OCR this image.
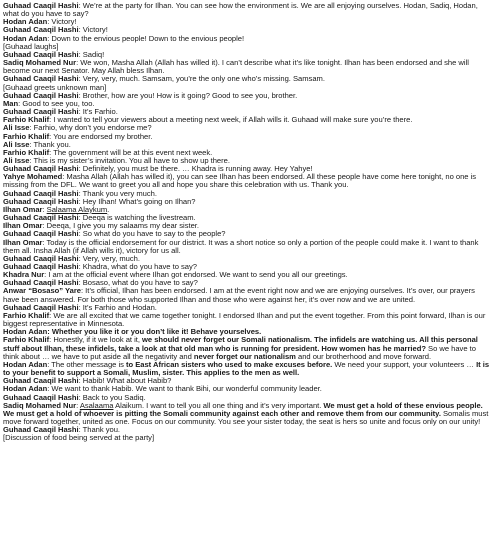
Guhaad Caaqil Hashi: We’re at the party for Ilhan. You can see how the environment is. We are all enjoying ourselves. Hodan, Sadiq, Hodan, what do you have to say?

Hodan Adan: Victory!

Guhaad Caaqil Hashi: Victory!

Hodan Adan: Down to the envious people! Down to the envious people!

[Guhaad laughs]

Guhaad Caaqil Hashi: Sadiq!

Sadiq Mohamed Nur: We won, Masha Allah (Allah has willed it). I can’t describe what it’s like tonight. Ilhan has been endorsed and she will become our next Senator. May Allah bless Ilhan.

Guhaad Caaqil Hashi: Very, very, much. Samsam, you’re the only one who’s missing. Samsam.

[Guhaad greets unknown man]

Guhaad Caaqil Hashi: Brother, how are you! How is it going? Good to see you, brother.

Man: Good to see you, too.

Guhaad Caaqil Hashi: It’s Farhio.

Farhio Khalif: I wanted to tell your viewers about a meeting next week, if Allah wills it. Guhaad will make sure you’re there.

Ali Isse: Farhio, why don’t you endorse me?

Farhio Khalif: You are endorsed my brother.

Ali Isse: Thank you.

Farhio Khalif: The government will be at this event next week.

Ali Isse: This is my sister’s invitation. You all have to show up there.

Guhaad Caaqil Hashi: Definitely, you must be there. … Khadra is running away. Hey Yahye!

Yahye Mohamed: Masha Allah (Allah has willed it), you can see Ilhan has been endorsed. All these people have come here tonight, no one is missing from the DFL. We want to greet you all and hope you share this celebration with us. Thank you.

Guhaad Caaqil Hashi: Thank you very much.

Guhaad Caaqil Hashi: Hey Ilhan! What’s going on Ilhan?

Ilhan Omar: Salaama Alaykum.

Guhaad Caaqil Hashi: Deeqa is watching the livestream.

Ilhan Omar: Deeqa, I give you my salaams my dear sister.

Guhaad Caaqil Hashi: So what do you have to say to the people?

Ilhan Omar: Today is the official endorsement for our district. It was a short notice so only a portion of the people could make it. I want to thank them all. Insha Allah (if Allah wills it), victory for us all.

Guhaad Caaqil Hashi: Very, very, much.

Guhaad Caaqil Hashi: Khadra, what do you have to say?

Khadra Nur: I am at the official event where Ilhan got endorsed. We want to send you all our greetings.

Guhaad Caaqil Hashi: Bosaso, what do you have to say?

Anwar “Bosaso” Yare: It’s official, Ilhan has been endorsed. I am at the event right now and we are enjoying ourselves. It’s over, our prayers have been answered. For both those who supported Ilhan and those who were against her, it’s over now and we are united.

Guhaad Caaqil Hashi: It’s Farhio and Hodan.

Farhio Khalif: We are all excited that we came together tonight. I endorsed Ilhan and put the event together. From this point forward, Ilhan is our biggest representative in Minnesota.

Hodan Adan: Whether you like it or you don’t like it! Behave yourselves.

Farhio Khalif: Honestly, if it we look at it, we should never forget our Somali nationalism. The infidels are watching us. All this personal stuff about Ilhan, these infidels, take a look at that old man who is running for president. How women has he married? So we have to think about … we have to put aside all the negativity and never forget our nationalism and our brotherhood and move forward.

Hodan Adan: The other message is to East African sisters who used to make excuses before. We need your support, your volunteers … It is to your benefit to support a Somali, Muslim, sister. This applies to the men as well.

Guhaad Caaqil Hashi: Habib! What about Habib?

Hodan Adan: We want to thank Habib. We want to thank Bihi, our wonderful community leader.

Guhaad Caaqil Hashi: Back to you Sadiq.

Sadiq Mohamed Nur: Asalaama Alaikum. I want to tell you all one thing and it’s very important. We must get a hold of these envious people. We must get a hold of whoever is pitting the Somali community against each other and remove them from our community. Somalis must move forward together, united as one. Focus on our community. You see your sister today, the seat is hers so unite and focus only on our unity!

Guhaad Caaqil Hashi: Thank you.

[Discussion of food being served at the party]
